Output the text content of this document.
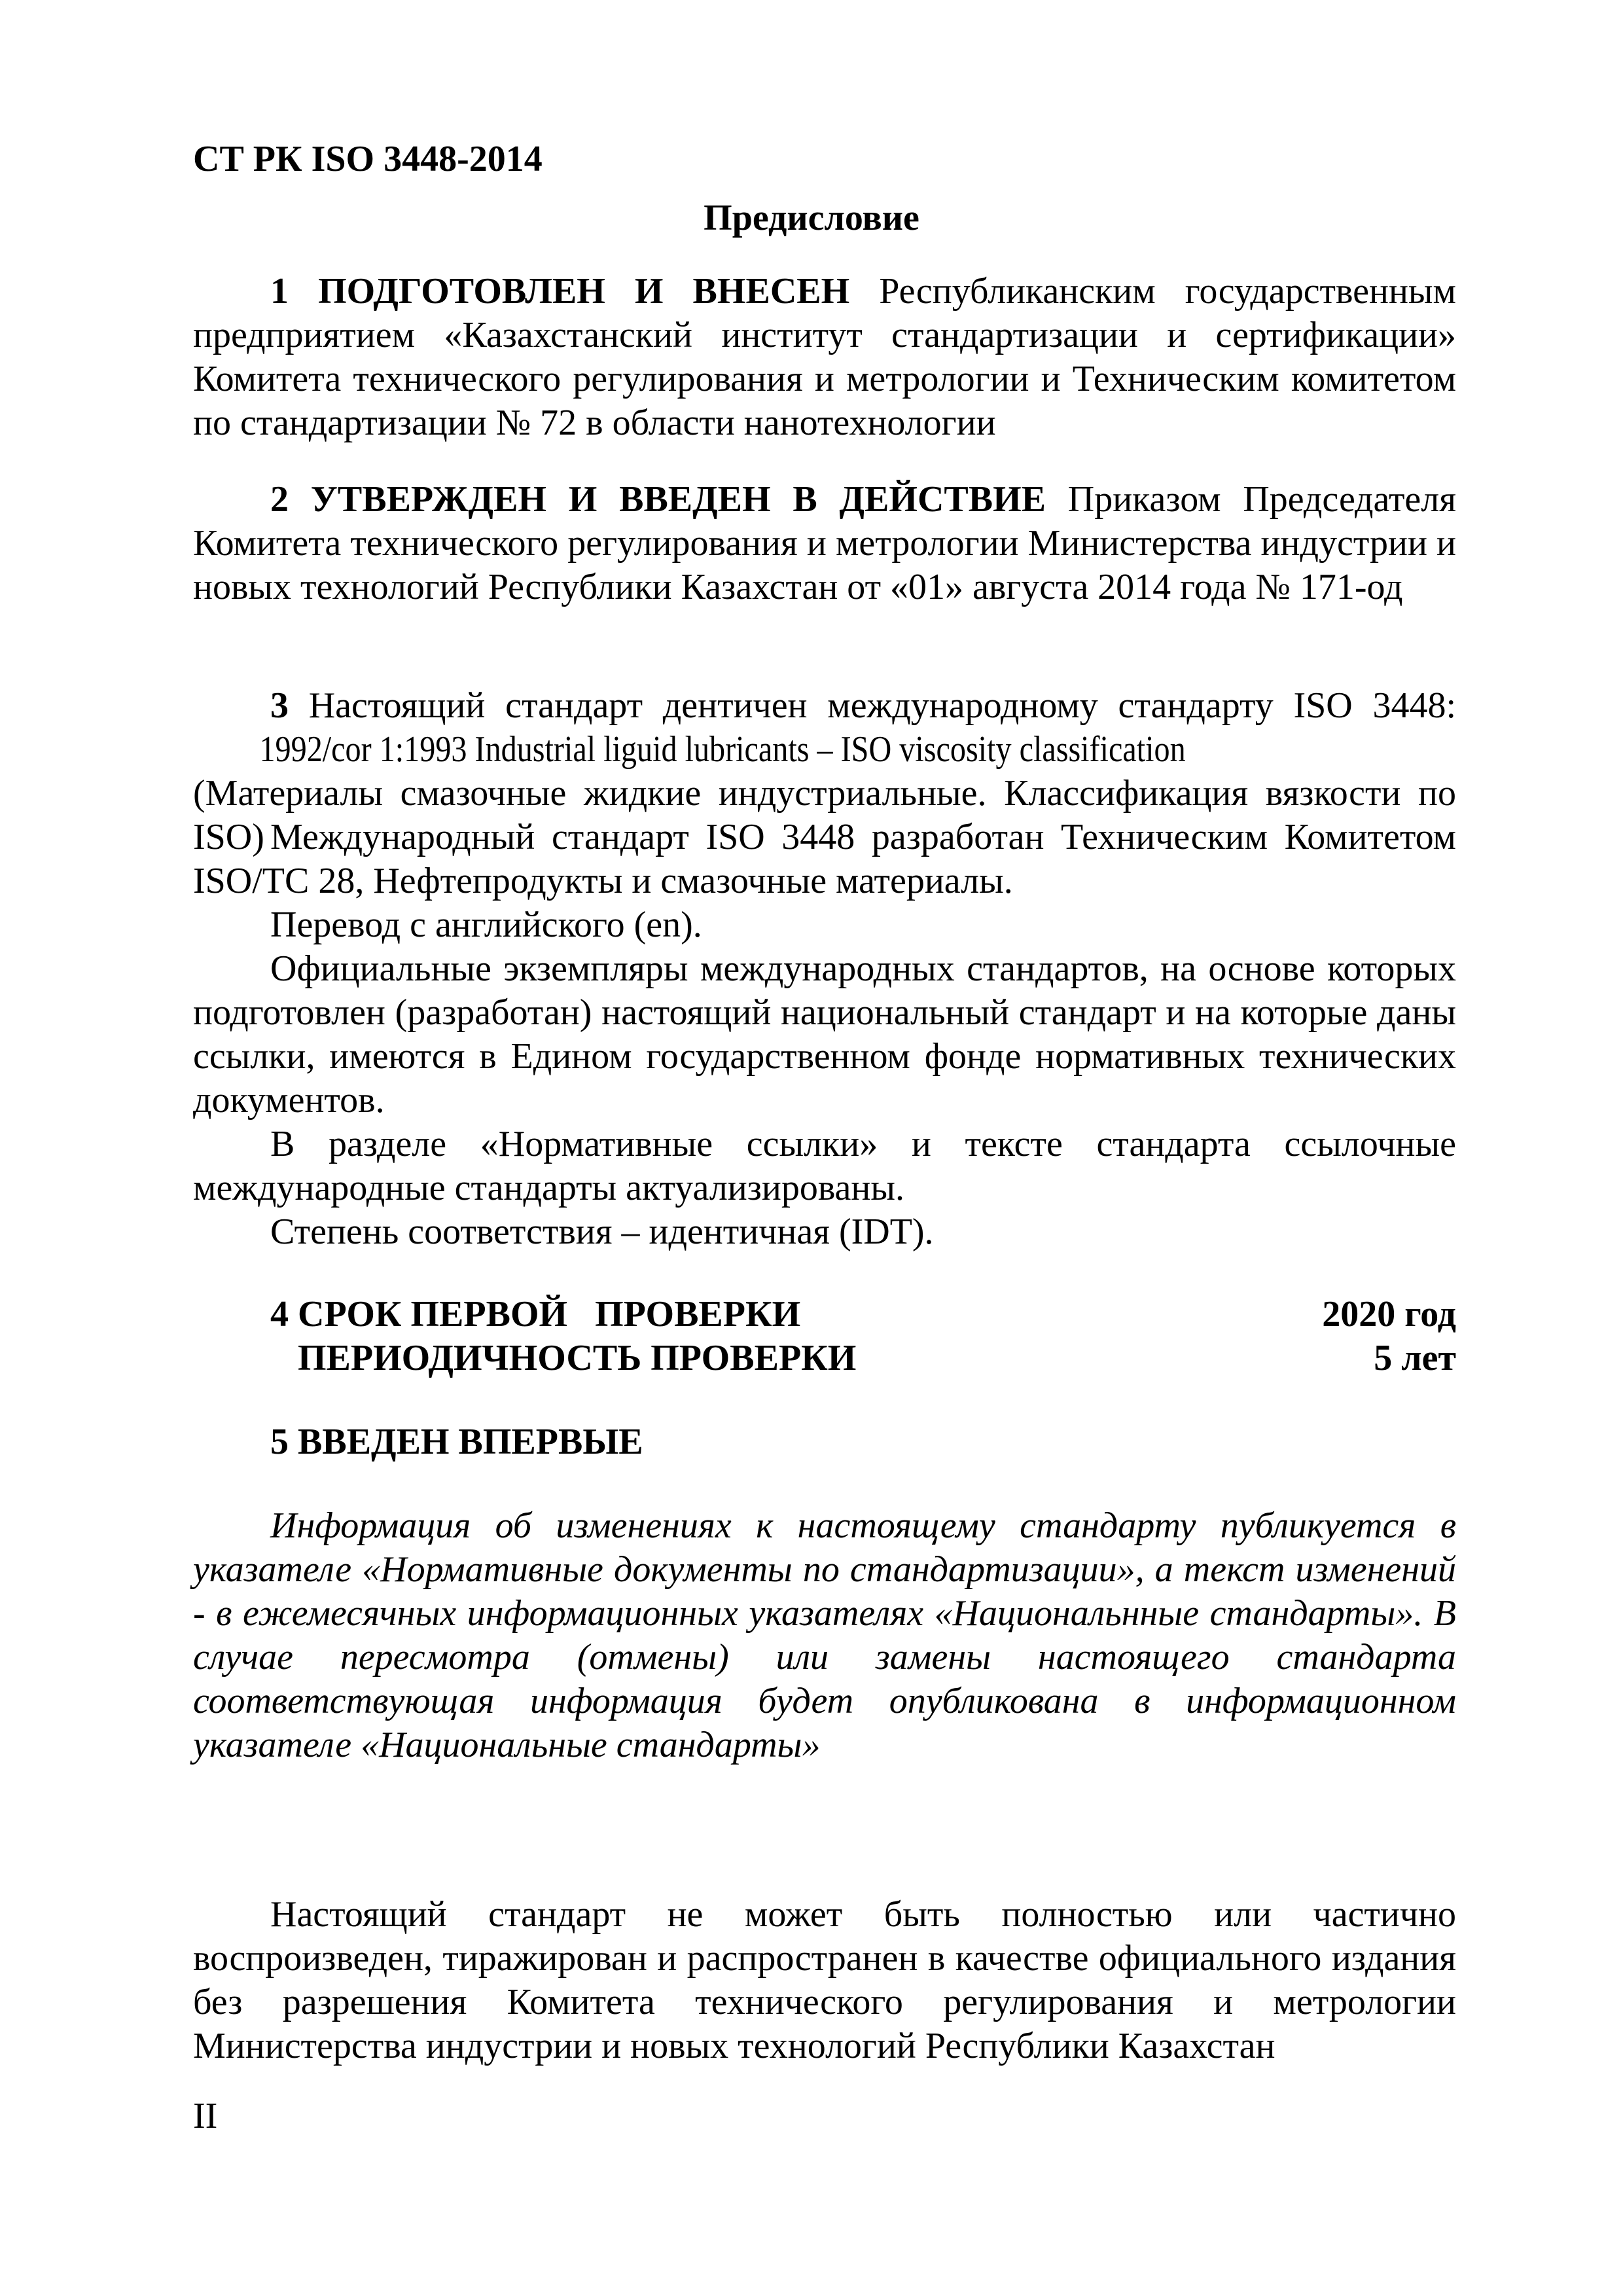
СТ РК ISO 3448-2014
Предисловие
1 ПОДГОТОВЛЕН И ВНЕСЕН Республиканским государственным предприятием «Казахстанский институт стандартизации и сертификации» Комитета технического регулирования и метрологии и Техническим комитетом по стандартизации № 72 в области нанотехнологии
2 УТВЕРЖДЕН И ВВЕДЕН В ДЕЙСТВИЕ Приказом Председателя Комитета технического регулирования и метрологии Министерства индустрии и новых технологий Республики Казахстан от «01» августа 2014 года № 171-од
3 Настоящий стандарт дентичен международному стандарту ISO 3448: 1992/cor 1:1993 Industrial liguid lubricants – ISO viscosity classification (Материалы смазочные жидкие индустриальные. Классификация вязкости по ISO) Международный стандарт ISO 3448 разработан Техническим Комитетом ISO/TC 28, Нефтепродукты и смазочные материалы.
Перевод с английского (en).
Официальные экземпляры международных стандартов, на основе которых подготовлен (разработан) настоящий национальный стандарт и на которые даны ссылки, имеются в Едином государственном фонде нормативных технических документов.
В разделе «Нормативные ссылки» и тексте стандарта ссылочные международные стандарты актуализированы.
Степень соответствия – идентичная (IDT).
4 СРОК ПЕРВОЙ   ПРОВЕРКИ	2020 год
ПЕРИОДИЧНОСТЬ ПРОВЕРКИ	5 лет
5 ВВЕДЕН ВПЕРВЫЕ
Информация об изменениях к настоящему стандарту публикуется в указателе «Нормативные документы по стандартизации», а текст изменений - в ежемесячных информационных указателях «Национальнные стандарты». В случае пересмотра (отмены) или замены настоящего стандарта соответствующая информация будет опубликована в информационном указателе «Национальные стандарты»
Настоящий стандарт не может быть полностью или частично воспроизведен, тиражирован и распространен в качестве официального издания без разрешения Комитета технического регулирования и метрологии Министерства индустрии и новых технологий Республики Казахстан
II
